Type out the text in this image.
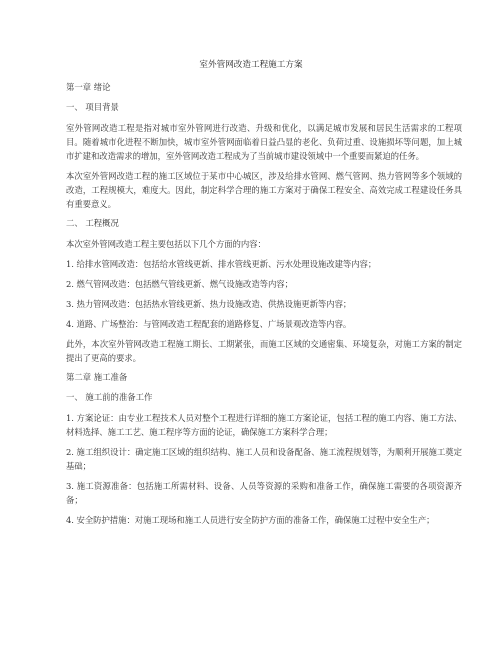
室外管网改造工程施工方案
第一章 绪论
一、 项目背景
室外管网改造工程是指对城市室外管网进行改造、升级和优化，以满足城市发展和居民生活需求的工程项目。随着城市化进程不断加快，城市室外管网面临着日益凸显的老化、负荷过重、设施损坏等问题，加上城市扩建和改造需求的增加，室外管网改造工程成为了当前城市建设领域中一个重要而紧迫的任务。
本次室外管网改造工程的施工区域位于某市中心城区，涉及给排水管网、燃气管网、热力管网等多个领域的改造，工程规模大，难度大。因此，制定科学合理的施工方案对于确保工程安全、高效完成工程建设任务具有重要意义。
二、 工程概况
本次室外管网改造工程主要包括以下几个方面的内容：
1. 给排水管网改造：包括给水管线更新、排水管线更新、污水处理设施改建等内容；
2. 燃气管网改造：包括燃气管线更新、燃气设施改造等内容；
3. 热力管网改造：包括热水管线更新、热力设施改造、供热设施更新等内容；
4. 道路、广场整治：与管网改造工程配套的道路修复、广场景观改造等内容。
此外，本次室外管网改造工程施工期长、工期紧张，而施工区域的交通密集、环境复杂，对施工方案的制定提出了更高的要求。
第二章 施工准备
一、 施工前的准备工作
1. 方案论证：由专业工程技术人员对整个工程进行详细的施工方案论证，包括工程的施工内容、施工方法、材料选择、施工工艺、施工程序等方面的论证，确保施工方案科学合理；
2. 施工组织设计：确定施工区域的组织结构、施工人员和设备配备、施工流程规划等，为顺利开展施工奠定基础；
3. 施工资源准备：包括施工所需材料、设备、人员等资源的采购和准备工作，确保施工需要的各项资源齐备；
4. 安全防护措施：对施工现场和施工人员进行安全防护方面的准备工作，确保施工过程中安全生产；
